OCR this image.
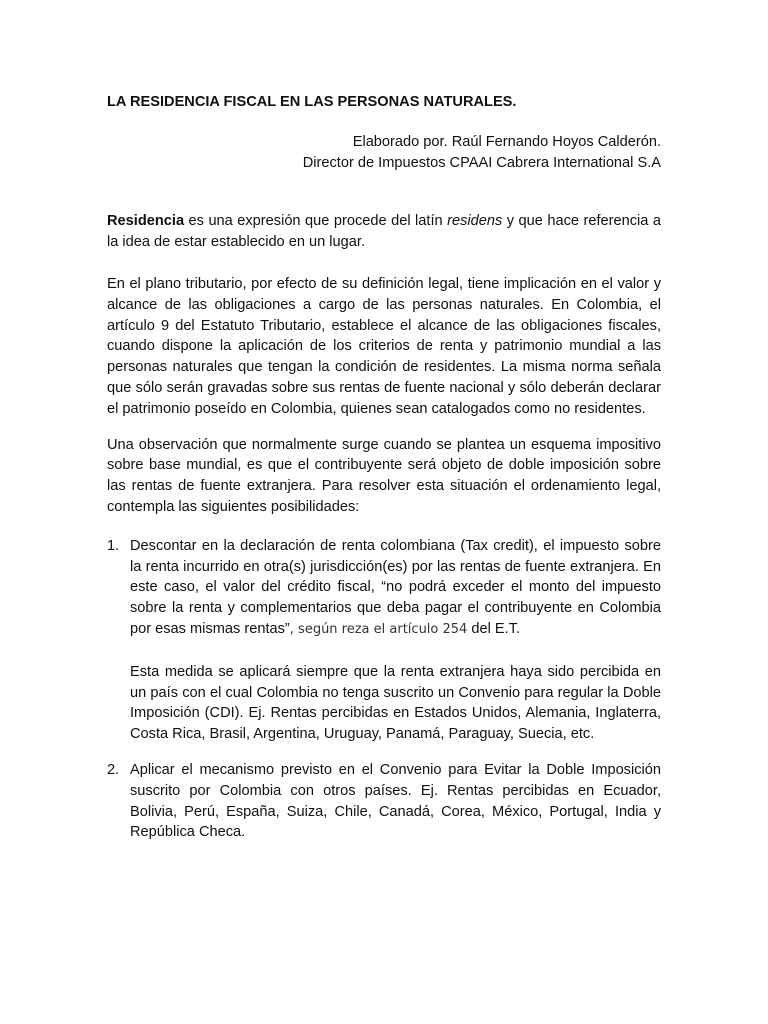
LA RESIDENCIA FISCAL EN LAS PERSONAS NATURALES.
Elaborado por. Raúl Fernando Hoyos Calderón.
Director de Impuestos CPAAI Cabrera International S.A

Residencia es una expresión que procede del latín residens y que hace referencia a la idea de estar establecido en un lugar.

En el plano tributario, por efecto de su definición legal, tiene implicación en el valor y alcance de las obligaciones a cargo de las personas naturales. En Colombia, el artículo 9 del Estatuto Tributario, establece el alcance de las obligaciones fiscales, cuando dispone la aplicación de los criterios de renta y patrimonio mundial a las personas naturales que tengan la condición de residentes. La misma norma señala que sólo serán gravadas sobre sus rentas de fuente nacional y sólo deberán declarar el patrimonio poseído en Colombia, quienes sean catalogados como no residentes.

Una observación que normalmente surge cuando se plantea un esquema impositivo sobre base mundial, es que el contribuyente será objeto de doble imposición sobre las rentas de fuente extranjera. Para resolver esta situación el ordenamiento legal, contempla las siguientes posibilidades:

1. Descontar en la declaración de renta colombiana (Tax credit), el impuesto sobre la renta incurrido en otra(s) jurisdicción(es) por las rentas de fuente extranjera. En este caso, el valor del crédito fiscal, “no podrá exceder el monto del impuesto sobre la renta y complementarios que deba pagar el contribuyente en Colombia por esas mismas rentas”, según reza el artículo 254 del E.T.

Esta medida se aplicará siempre que la renta extranjera haya sido percibida en un país con el cual Colombia no tenga suscrito un Convenio para regular la Doble Imposición (CDI). Ej. Rentas percibidas en Estados Unidos, Alemania, Inglaterra, Costa Rica, Brasil, Argentina, Uruguay, Panamá, Paraguay, Suecia, etc.

2. Aplicar el mecanismo previsto en el Convenio para Evitar la Doble Imposición suscrito por Colombia con otros países. Ej. Rentas percibidas en Ecuador, Bolivia, Perú, España, Suiza, Chile, Canadá, Corea, México, Portugal, India y República Checa.
